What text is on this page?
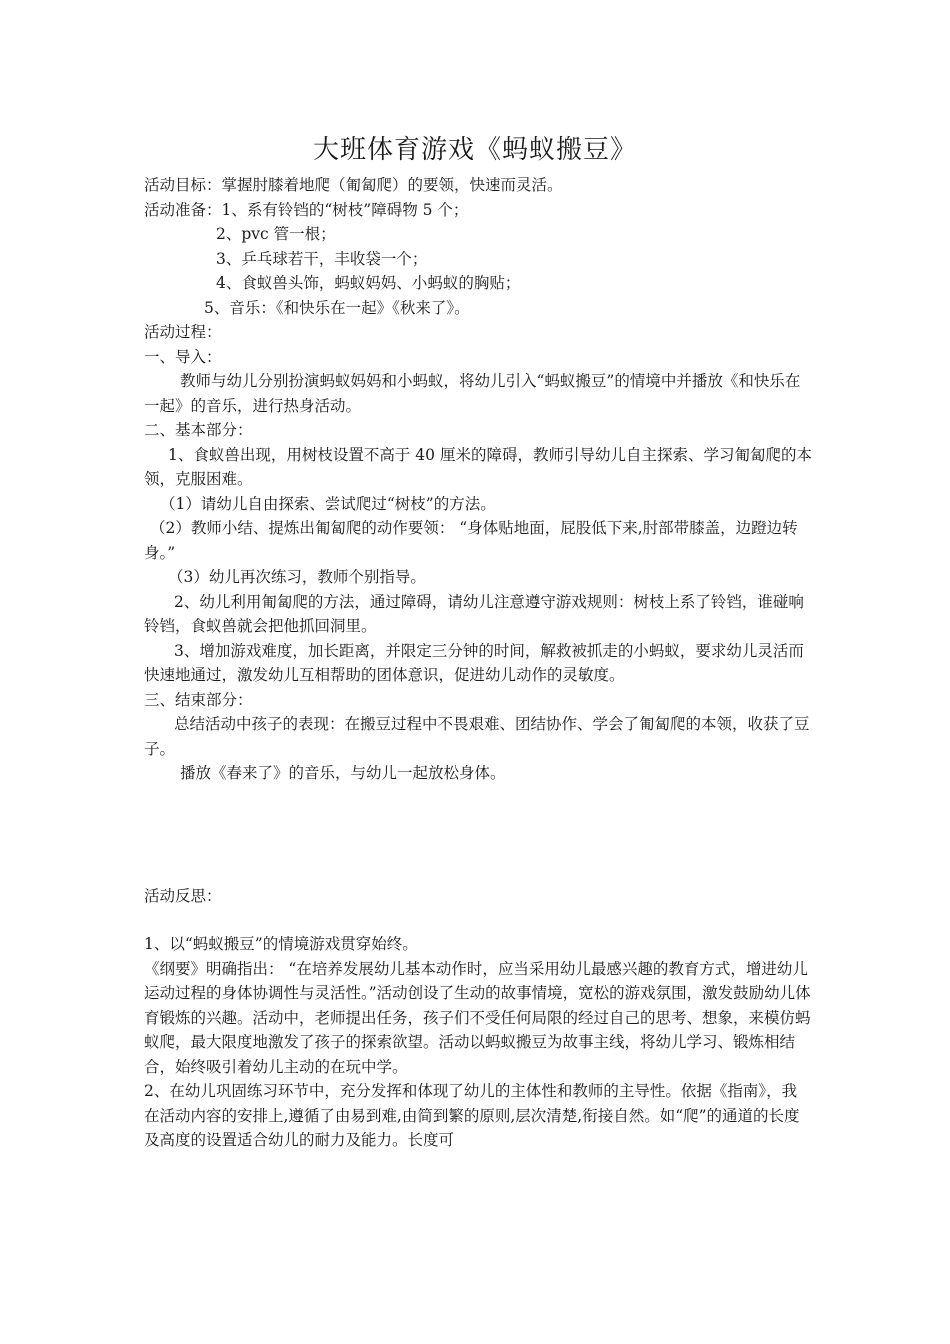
大班体育游戏《蚂蚁搬豆》

活动目标：掌握肘膝着地爬（匍匐爬）的要领，快速而灵活。

活动准备：1、系有铃铛的“树枝”障碍物 5 个；

2、pvc 管一根；

3、乒乓球若干，丰收袋一个；

4、食蚁兽头饰，蚂蚁妈妈、小蚂蚁的胸贴；

5、音乐：《和快乐在一起》《秋来了》。

活动过程：

一、导入：

教师与幼儿分别扮演蚂蚁妈妈和小蚂蚁，将幼儿引入“蚂蚁搬豆”的情境中并播放《和快乐在一起》的音乐，进行热身活动。

二、基本部分：

1、食蚁兽出现，用树枝设置不高于 40 厘米的障碍，教师引导幼儿自主探索、学习匍匐爬的本领，克服困难。

（1）请幼儿自由探索、尝试爬过“树枝”的方法。

（2）教师小结、提炼出匍匐爬的动作要领： “身体贴地面，屁股低下来,肘部带膝盖，边蹬边转身。”

（3）幼儿再次练习，教师个别指导。

2、幼儿利用匍匐爬的方法，通过障碍，请幼儿注意遵守游戏规则：树枝上系了铃铛，谁碰响铃铛，食蚁兽就会把他抓回洞里。

3、增加游戏难度，加长距离，并限定三分钟的时间，解救被抓走的小蚂蚁，要求幼儿灵活而快速地通过，激发幼儿互相帮助的团体意识，促进幼儿动作的灵敏度。

三、结束部分：

总结活动中孩子的表现：在搬豆过程中不畏艰难、团结协作、学会了匍匐爬的本领，收获了豆子。

播放《春来了》的音乐，与幼儿一起放松身体。

活动反思：

1、以“蚂蚁搬豆”的情境游戏贯穿始终。

《纲要》明确指出： “在培养发展幼儿基本动作时，应当采用幼儿最感兴趣的教育方式，增进幼儿运动过程的身体协调性与灵活性。”活动创设了生动的故事情境，宽松的游戏氛围，激发鼓励幼儿体育锻炼的兴趣。活动中，老师提出任务，孩子们不受任何局限的经过自己的思考、想象，来模仿蚂蚁爬，最大限度地激发了孩子的探索欲望。活动以蚂蚁搬豆为故事主线，将幼儿学习、锻炼相结合，始终吸引着幼儿主动的在玩中学。

2、在幼儿巩固练习环节中，充分发挥和体现了幼儿的主体性和教师的主导性。依据《指南》，我在活动内容的安排上,遵循了由易到难,由简到繁的原则,层次清楚,衔接自然。如“爬”的通道的长度及高度的设置适合幼儿的耐力及能力。长度可
